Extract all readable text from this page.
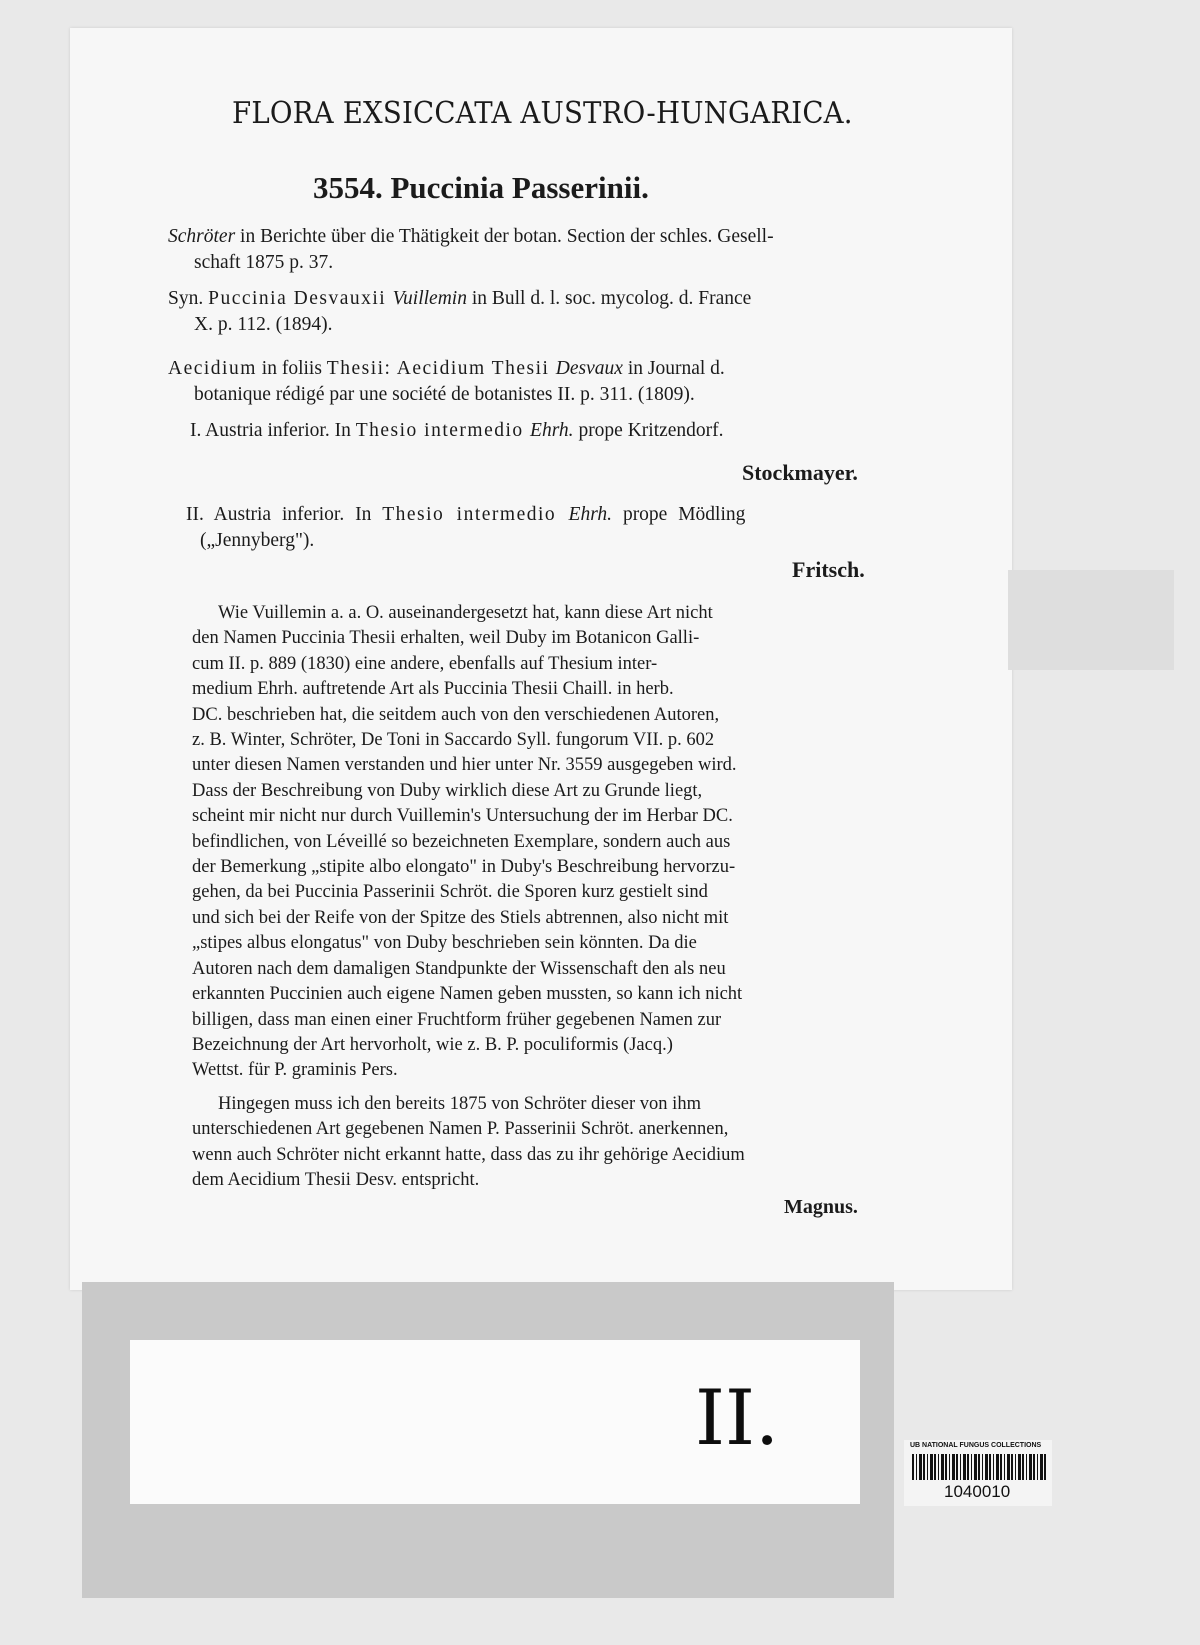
FLORA EXSICCATA AUSTRO-HUNGARICA.
3554. Puccinia Passerinii.
Schröter in Berichte über die Thätigkeit der botan. Section der schles. Gesell-
schaft 1875 p. 37.
Syn. Puccinia Desvauxii Vuillemin in Bull d. l. soc. mycolog. d. France
X. p. 112. (1894).
Aecidium in foliis Thesii: Aecidium Thesii Desvaux in Journal d.
botanique rédigé par une société de botanistes II. p. 311. (1809).
I. Austria inferior. In Thesio intermedio Ehrh. prope Kritzendorf.
Stockmayer.
II. Austria inferior. In Thesio intermedio Ehrh. prope Mödling
(„Jennyberg").
Fritsch.
Wie Vuillemin a. a. O. auseinandergesetzt hat, kann diese Art nicht
den Namen Puccinia Thesii erhalten, weil Duby im Botanicon Galli-
cum II. p. 889 (1830) eine andere, ebenfalls auf Thesium inter-
medium Ehrh. auftretende Art als Puccinia Thesii Chaill. in herb.
DC. beschrieben hat, die seitdem auch von den verschiedenen Autoren,
z. B. Winter, Schröter, De Toni in Saccardo Syll. fungorum VII. p. 602
unter diesen Namen verstanden und hier unter Nr. 3559 ausgegeben wird.
Dass der Beschreibung von Duby wirklich diese Art zu Grunde liegt,
scheint mir nicht nur durch Vuillemin's Untersuchung der im Herbar DC.
befindlichen, von Léveillé so bezeichneten Exemplare, sondern auch aus
der Bemerkung „stipite albo elongato" in Duby's Beschreibung hervorzu-
gehen, da bei Puccinia Passerinii Schröt. die Sporen kurz gestielt sind
und sich bei der Reife von der Spitze des Stiels abtrennen, also nicht mit
„stipes albus elongatus" von Duby beschrieben sein könnten. Da die
Autoren nach dem damaligen Standpunkte der Wissenschaft den als neu
erkannten Puccinien auch eigene Namen geben mussten, so kann ich nicht
billigen, dass man einen einer Fruchtform früher gegebenen Namen zur
Bezeichnung der Art hervorholt, wie z. B. P. poculiformis (Jacq.)
Wettst. für P. graminis Pers.
Hingegen muss ich den bereits 1875 von Schröter dieser von ihm
unterschiedenen Art gegebenen Namen P. Passerinii Schröt. anerkennen,
wenn auch Schröter nicht erkannt hatte, dass das zu ihr gehörige Aecidium
dem Aecidium Thesii Desv. entspricht.
Magnus.
II.	UB NATIONAL FUNGUS COLLECTIONS
1040010
